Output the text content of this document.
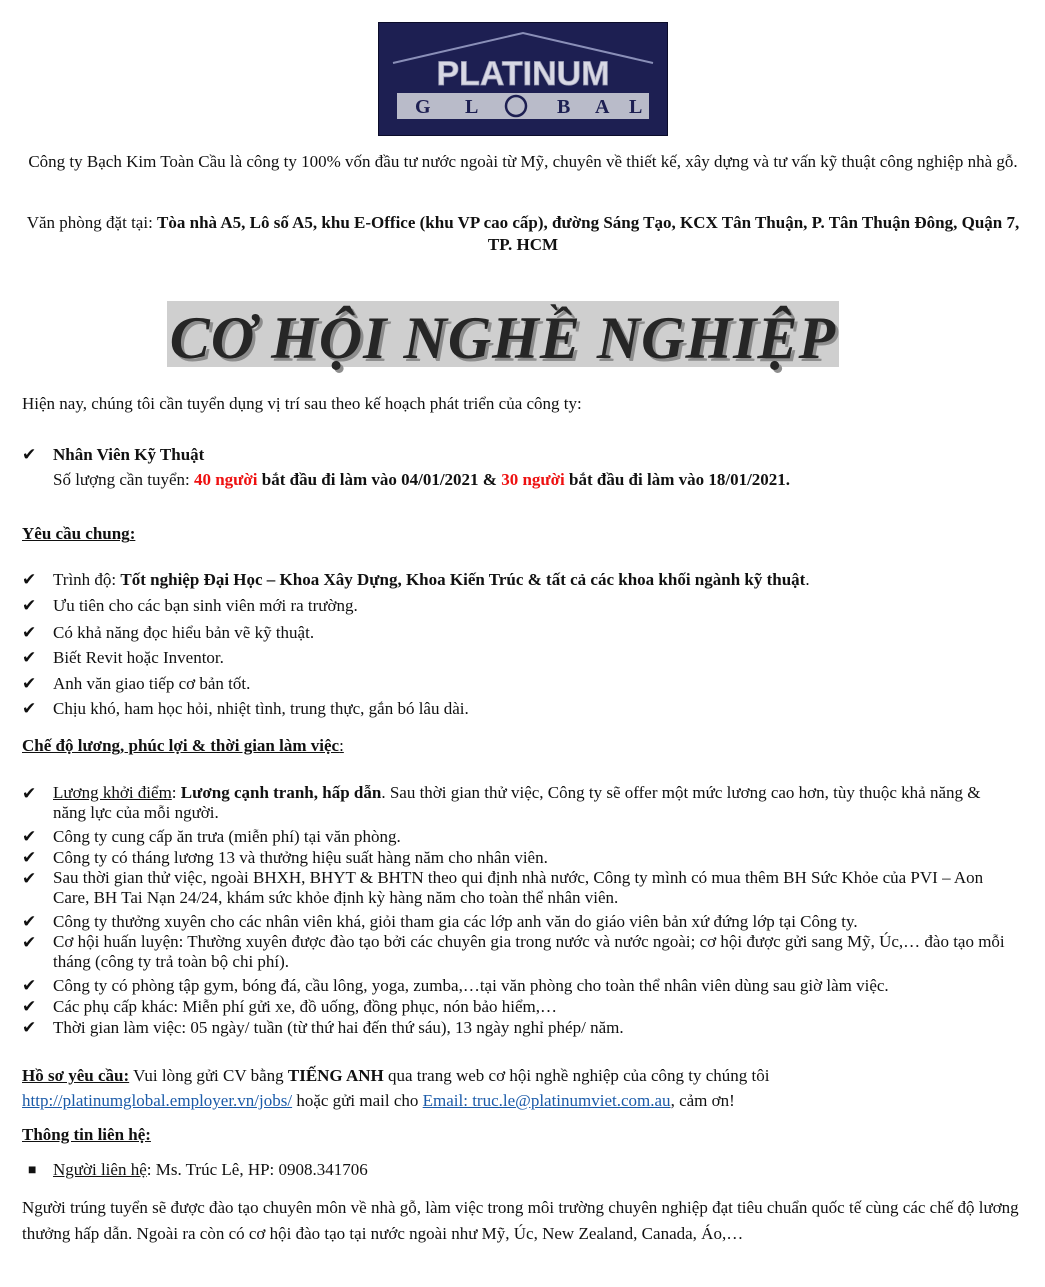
PLATINUM
G L	B A L

Công ty Bạch Kim Toàn Cầu là công ty 100% vốn đầu tư nước ngoài từ Mỹ, chuyên về thiết kế, xây dựng và tư vấn kỹ thuật công nghiệp nhà gỗ.

Văn phòng đặt tại: Tòa nhà A5, Lô số A5, khu E-Office (khu VP cao cấp), đường Sáng Tạo, KCX Tân Thuận, P. Tân Thuận Đông, Quận 7, TP. HCM

CƠ HỘI NGHỀ NGHIỆP

Hiện nay, chúng tôi cần tuyển dụng vị trí sau theo kế hoạch phát triển của công ty:

✔ Nhân Viên Kỹ Thuật

Số lượng cần tuyển: 40 người bắt đầu đi làm vào 04/01/2021 & 30 người bắt đầu đi làm vào 18/01/2021.

Yêu cầu chung:

✔ Trình độ: Tốt nghiệp Đại Học – Khoa Xây Dựng, Khoa Kiến Trúc & tất cả các khoa khối ngành kỹ thuật.

✔ Ưu tiên cho các bạn sinh viên mới ra trường.

✔ Có khả năng đọc hiểu bản vẽ kỹ thuật.

✔ Biết Revit hoặc Inventor.

✔ Anh văn giao tiếp cơ bản tốt.

✔ Chịu khó, ham học hỏi, nhiệt tình, trung thực, gắn bó lâu dài.

Chế độ lương, phúc lợi & thời gian làm việc:

✔ Lương khởi điểm: Lương cạnh tranh, hấp dẫn. Sau thời gian thử việc, Công ty sẽ offer một mức lương cao hơn, tùy thuộc khả năng & năng lực của mỗi người.

✔ Công ty cung cấp ăn trưa (miễn phí) tại văn phòng.

✔ Công ty có tháng lương 13 và thưởng hiệu suất hàng năm cho nhân viên.

✔ Sau thời gian thử việc, ngoài BHXH, BHYT & BHTN theo qui định nhà nước, Công ty mình có mua thêm BH Sức Khỏe của PVI – Aon Care, BH Tai Nạn 24/24, khám sức khỏe định kỳ hàng năm cho toàn thể nhân viên.

✔ Công ty thưởng xuyên cho các nhân viên khá, giỏi tham gia các lớp anh văn do giáo viên bản xứ đứng lớp tại Công ty.

✔ Cơ hội huấn luyện: Thường xuyên được đào tạo bởi các chuyên gia trong nước và nước ngoài; cơ hội được gửi sang Mỹ, Úc,… đào tạo mỗi tháng (công ty trả toàn bộ chi phí).

✔ Công ty có phòng tập gym, bóng đá, cầu lông, yoga, zumba,…tại văn phòng cho toàn thể nhân viên dùng sau giờ làm việc.

✔ Các phụ cấp khác: Miễn phí gửi xe, đồ uống, đồng phục, nón bảo hiểm,…

✔ Thời gian làm việc: 05 ngày/ tuần (từ thứ hai đến thứ sáu), 13 ngày nghỉ phép/ năm.

Hồ sơ yêu cầu: Vui lòng gửi CV bằng TIẾNG ANH qua trang web cơ hội nghề nghiệp của công ty chúng tôi http://platinumglobal.employer.vn/jobs/ hoặc gửi mail cho Email: truc.le@platinumviet.com.au, cảm ơn!

Thông tin liên hệ:

■ Người liên hệ: Ms. Trúc Lê, HP: 0908.341706

Người trúng tuyển sẽ được đào tạo chuyên môn về nhà gỗ, làm việc trong môi trường chuyên nghiệp đạt tiêu chuẩn quốc tế cùng các chế độ lương thưởng hấp dẫn. Ngoài ra còn có cơ hội đào tạo tại nước ngoài như Mỹ, Úc, New Zealand, Canada, Áo,…
